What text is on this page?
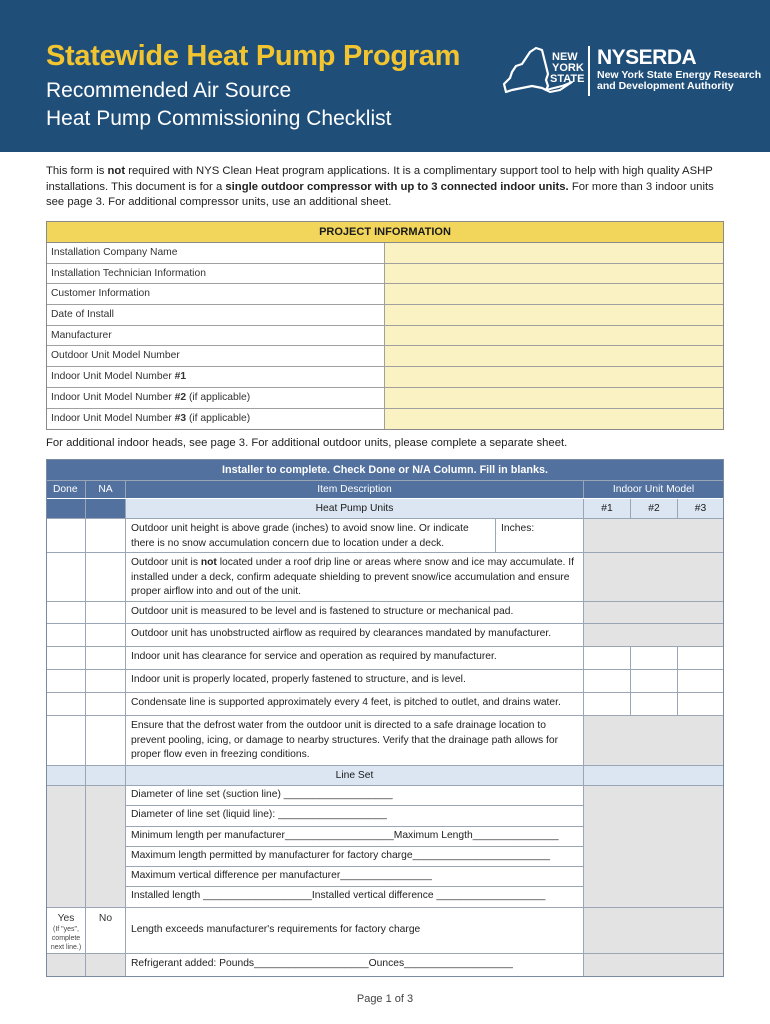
Statewide Heat Pump Program
Recommended Air Source
Heat Pump Commissioning Checklist
NEW
YORK
STATE
NYSERDA
New York State Energy Research
and Development Authority
This form is not required with NYS Clean Heat program applications. It is a complimentary support tool to help with high quality ASHP installations. This document is for a single outdoor compressor with up to 3 connected indoor units. For more than 3 indoor units see page 3. For additional compressor units, use an additional sheet.
PROJECT INFORMATION
Installation Company Name
Installation Technician Information
Customer Information
Date of Install
Manufacturer
Outdoor Unit Model Number
Indoor Unit Model Number #1
Indoor Unit Model Number #2 (if applicable)
Indoor Unit Model Number #3 (if applicable)
For additional indoor heads, see page 3. For additional outdoor units, please complete a separate sheet.
Installer to complete. Check Done or N/A Column. Fill in blanks.
Done	NA	Item Description	Indoor Unit Model
Heat Pump Units	#1	#2	#3
Outdoor unit height is above grade (inches) to avoid snow line. Or indicate there is no snow accumulation concern due to location under a deck.
Inches:
Outdoor unit is not located under a roof drip line or areas where snow and ice may accumulate. If installed under a deck, confirm adequate shielding to prevent snow/ice accumulation and ensure proper airflow into and out of the unit.
Outdoor unit is measured to be level and is fastened to structure or mechanical pad.
Outdoor unit has unobstructed airflow as required by clearances mandated by manufacturer.
Indoor unit has clearance for service and operation as required by manufacturer.
Indoor unit is properly located, properly fastened to structure, and is level.
Condensate line is supported approximately every 4 feet, is pitched to outlet, and drains water.
Ensure that the defrost water from the outdoor unit is directed to a safe drainage location to prevent pooling, icing, or damage to nearby structures. Verify that the drainage path allows for proper flow even in freezing conditions.
Line Set
Diameter of line set (suction line) ___________________
Diameter of line set (liquid line): ___________________
Minimum length per manufacturer___________________Maximum Length_______________
Maximum length permitted by manufacturer for factory charge________________________
Maximum vertical difference per manufacturer________________
Installed length ___________________Installed vertical difference ___________________
Yes
(If "yes", complete next line.)
No
Length exceeds manufacturer's requirements for factory charge
Refrigerant added: Pounds____________________Ounces___________________
Page 1 of 3
